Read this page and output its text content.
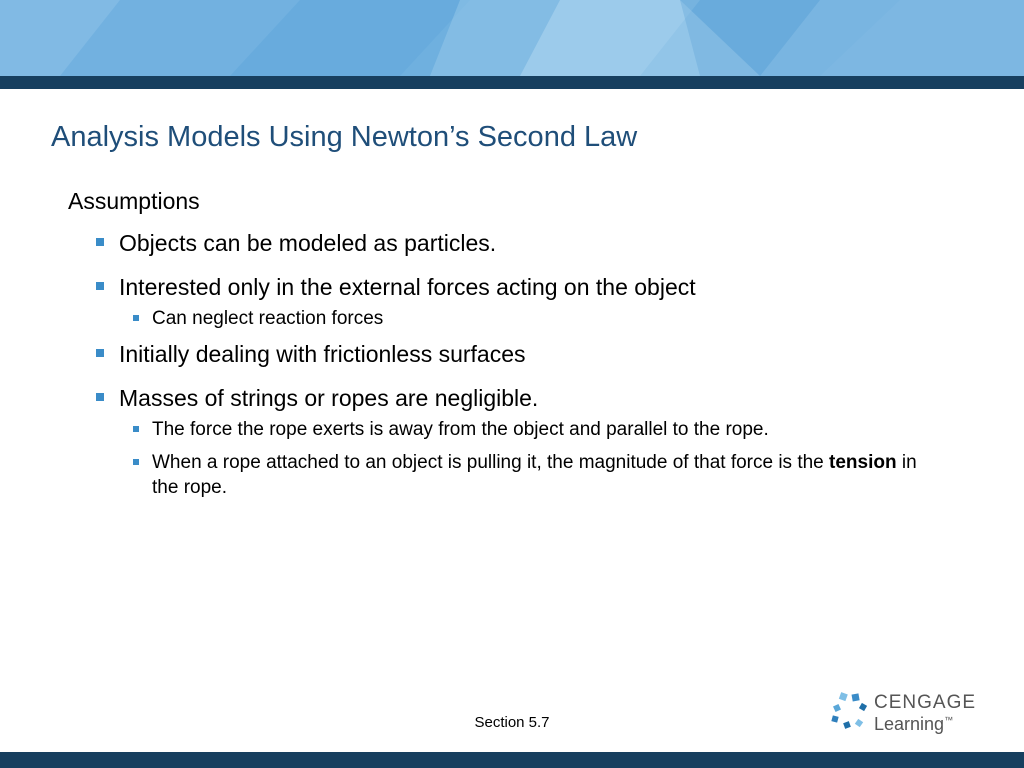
Analysis Models Using Newton’s Second Law
Assumptions
Objects can be modeled as particles.
Interested only in the external forces acting on the object
Can neglect reaction forces
Initially dealing with frictionless surfaces
Masses of strings or ropes are negligible.
The force the rope exerts is away from the object and parallel to the rope.
When a rope attached to an object is pulling it, the magnitude of that force is the tension in the rope.
Section 5.7
CENGAGE
Learning™
